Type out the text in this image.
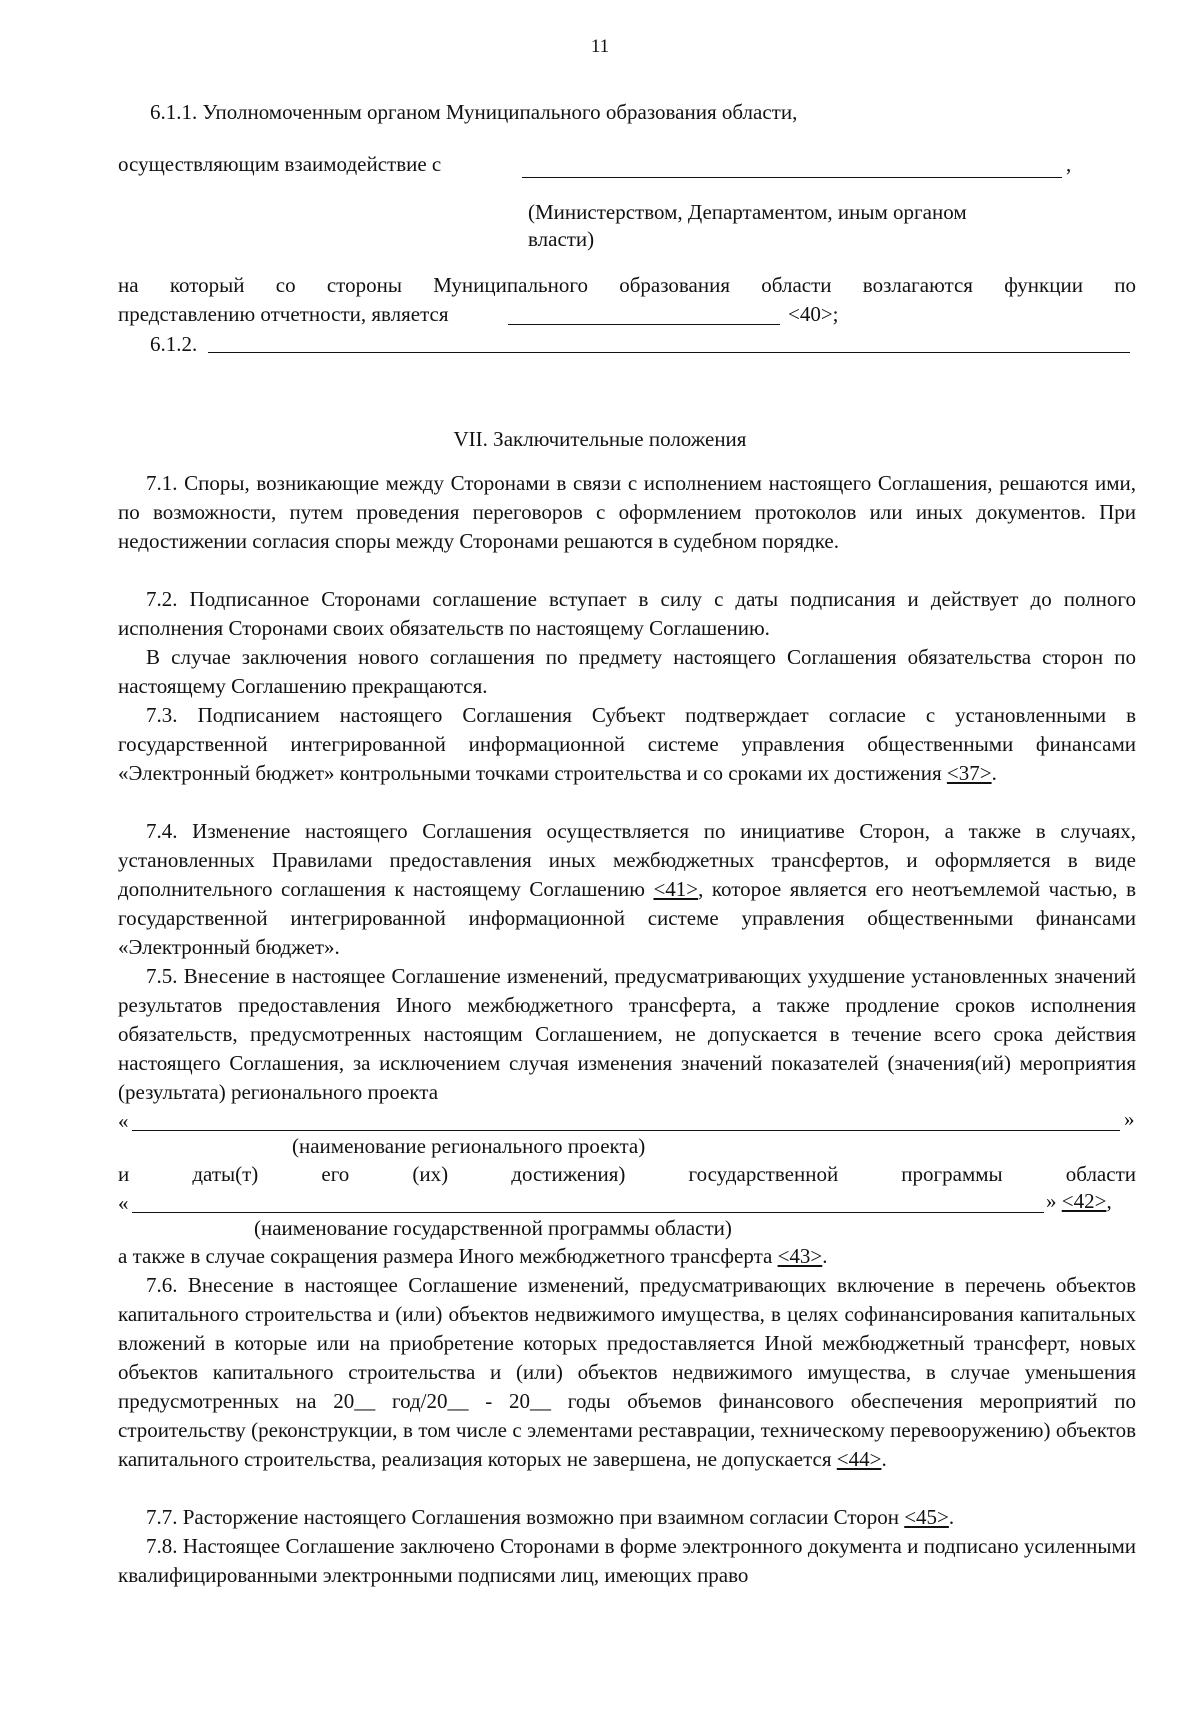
11
6.1.1. Уполномоченным органом Муниципального образования области,
осуществляющим взаимодействие с	,
(Министерством, Департаментом, иным органом
власти)
на который со стороны Муниципального образования области возлагаются функции по
представлению отчетности, является	<40>;
6.1.2.
VII. Заключительные положения
7.1. Споры, возникающие между Сторонами в связи с исполнением настоящего Соглашения, решаются ими, по возможности, путем проведения переговоров с оформлением протоколов или иных документов. При недостижении согласия споры между Сторонами решаются в судебном порядке.
7.2. Подписанное Сторонами соглашение вступает в силу с даты подписания и действует до полного исполнения Сторонами своих обязательств по настоящему Соглашению.
В случае заключения нового соглашения по предмету настоящего Соглашения обязательства сторон по настоящему Соглашению прекращаются.
7.3. Подписанием настоящего Соглашения Субъект подтверждает согласие с установленными в государственной интегрированной информационной системе управления общественными финансами «Электронный бюджет» контрольными точками строительства и со сроками их достижения <37>.
7.4. Изменение настоящего Соглашения осуществляется по инициативе Сторон, а также в случаях, установленных Правилами предоставления иных межбюджетных трансфертов, и оформляется в виде дополнительного соглашения к настоящему Соглашению <41>, которое является его неотъемлемой частью, в государственной интегрированной информационной системе управления общественными финансами «Электронный бюджет».
7.5. Внесение в настоящее Соглашение изменений, предусматривающих ухудшение установленных значений результатов предоставления Иного межбюджетного трансферта, а также продление сроков исполнения обязательств, предусмотренных настоящим Соглашением, не допускается в течение всего срока действия настоящего Соглашения, за исключением случая изменения значений показателей (значения(ий) мероприятия (результата) регионального проекта
«	»
(наименование регионального проекта)
и	даты(т)	его	(их)	достижения)	государственной	программы	области
«	» <42>,
(наименование государственной программы области)
а также в случае сокращения размера Иного межбюджетного трансферта <43>.
7.6. Внесение в настоящее Соглашение изменений, предусматривающих включение в перечень объектов капитального строительства и (или) объектов недвижимого имущества, в целях софинансирования капитальных вложений в которые или на приобретение которых предоставляется Иной межбюджетный трансферт, новых объектов капитального строительства и (или) объектов недвижимого имущества, в случае уменьшения предусмотренных на 20__ год/20__ - 20__ годы объемов финансового обеспечения мероприятий по строительству (реконструкции, в том числе с элементами реставрации, техническому перевооружению) объектов капитального строительства, реализация которых не завершена, не допускается <44>.
7.7. Расторжение настоящего Соглашения возможно при взаимном согласии Сторон <45>.
7.8. Настоящее Соглашение заключено Сторонами в форме электронного документа и подписано усиленными квалифицированными электронными подписями лиц, имеющих право
